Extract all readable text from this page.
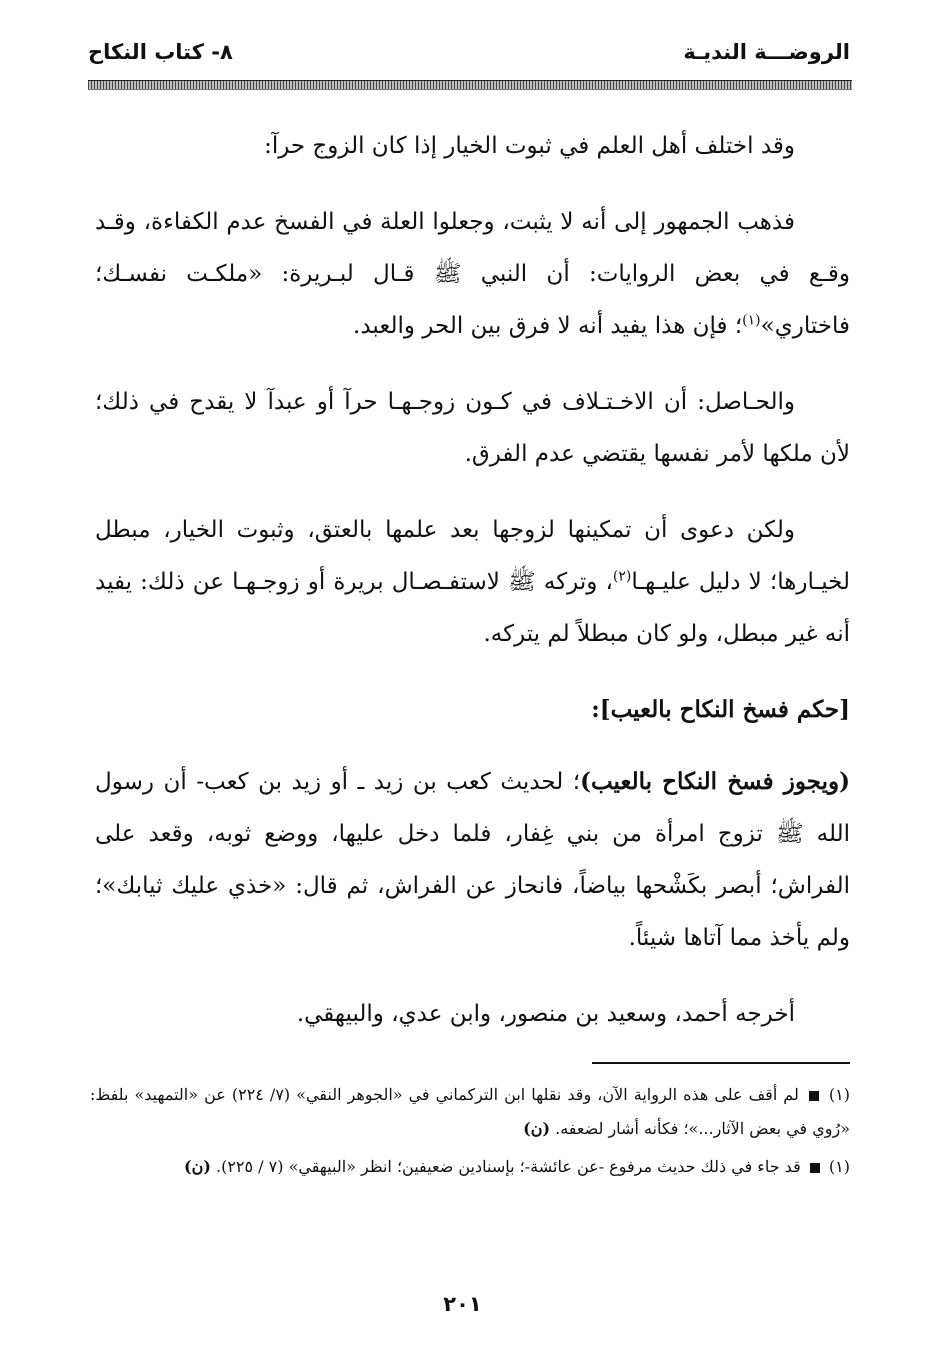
الروضـــة النديـة
٨- كتاب النكاح

وقد اختلف أهل العلم في ثبوت الخيار إذا كان الزوج حرآ:

فذهب الجمهور إلى أنه لا يثبت، وجعلوا العلة في الفسخ عدم الكفاءة، وقـد وقـع في بعض الروايات: أن النبي ﷺ قـال لبـريرة: «ملكـت نفسـك؛ فاختاري»$^{(١)}$؛ فإن هذا يفيد أنه لا فرق بين الحر والعبد.

والحـاصل: أن الاخـتـلاف في كـون زوجـهـا حرآ أو عبدآ لا يقدح في ذلك؛ لأن ملكها لأمر نفسها يقتضي عدم الفرق.

ولكن دعوى أن تمكينها لزوجها بعد علمها بالعتق، وثبوت الخيار، مبطل لخيـارها؛ لا دليل عليـهـا$^{(٢)}$، وتركه ﷺ لاستفـصـال بريرة أو زوجـهـا عن ذلك: يفيد أنه غير مبطل، ولو كان مبطلاً لم يتركه.

[حكم فسخ النكاح بالعيب]:

(ويجوز فسخ النكاح بالعيب)؛ لحديث كعب بن زيد ـ أو زيد بن كعب- أن رسول الله ﷺ تزوج امرأة من بني غِفار، فلما دخل عليها، ووضع ثوبه، وقعد على الفراش؛ أبصر بكَشْحها بياضاً، فانحاز عن الفراش، ثم قال: «خذي عليك ثيابك»؛ ولم يأخذ مما آتاها شيئاً.

أخرجه أحمد، وسعيد بن منصور، وابن عدي، والبيهقي.

(١)  لم أقف على هذه الرواية الآن، وقد نقلها ابن التركماني في «الجوهر النقي» (٧/ ٢٢٤) عن «التمهيد» بلفظ: «رُوي في بعض الآثار...»؛ فكأنه أشار لضعفه. (ن)

(١)  قد جاء في ذلك حديث مرفوع -عن عائشة-؛ بإسنادين ضعيفين؛ انظر «البيهقي» (٧ / ٢٢٥). (ن)

٢٠١
